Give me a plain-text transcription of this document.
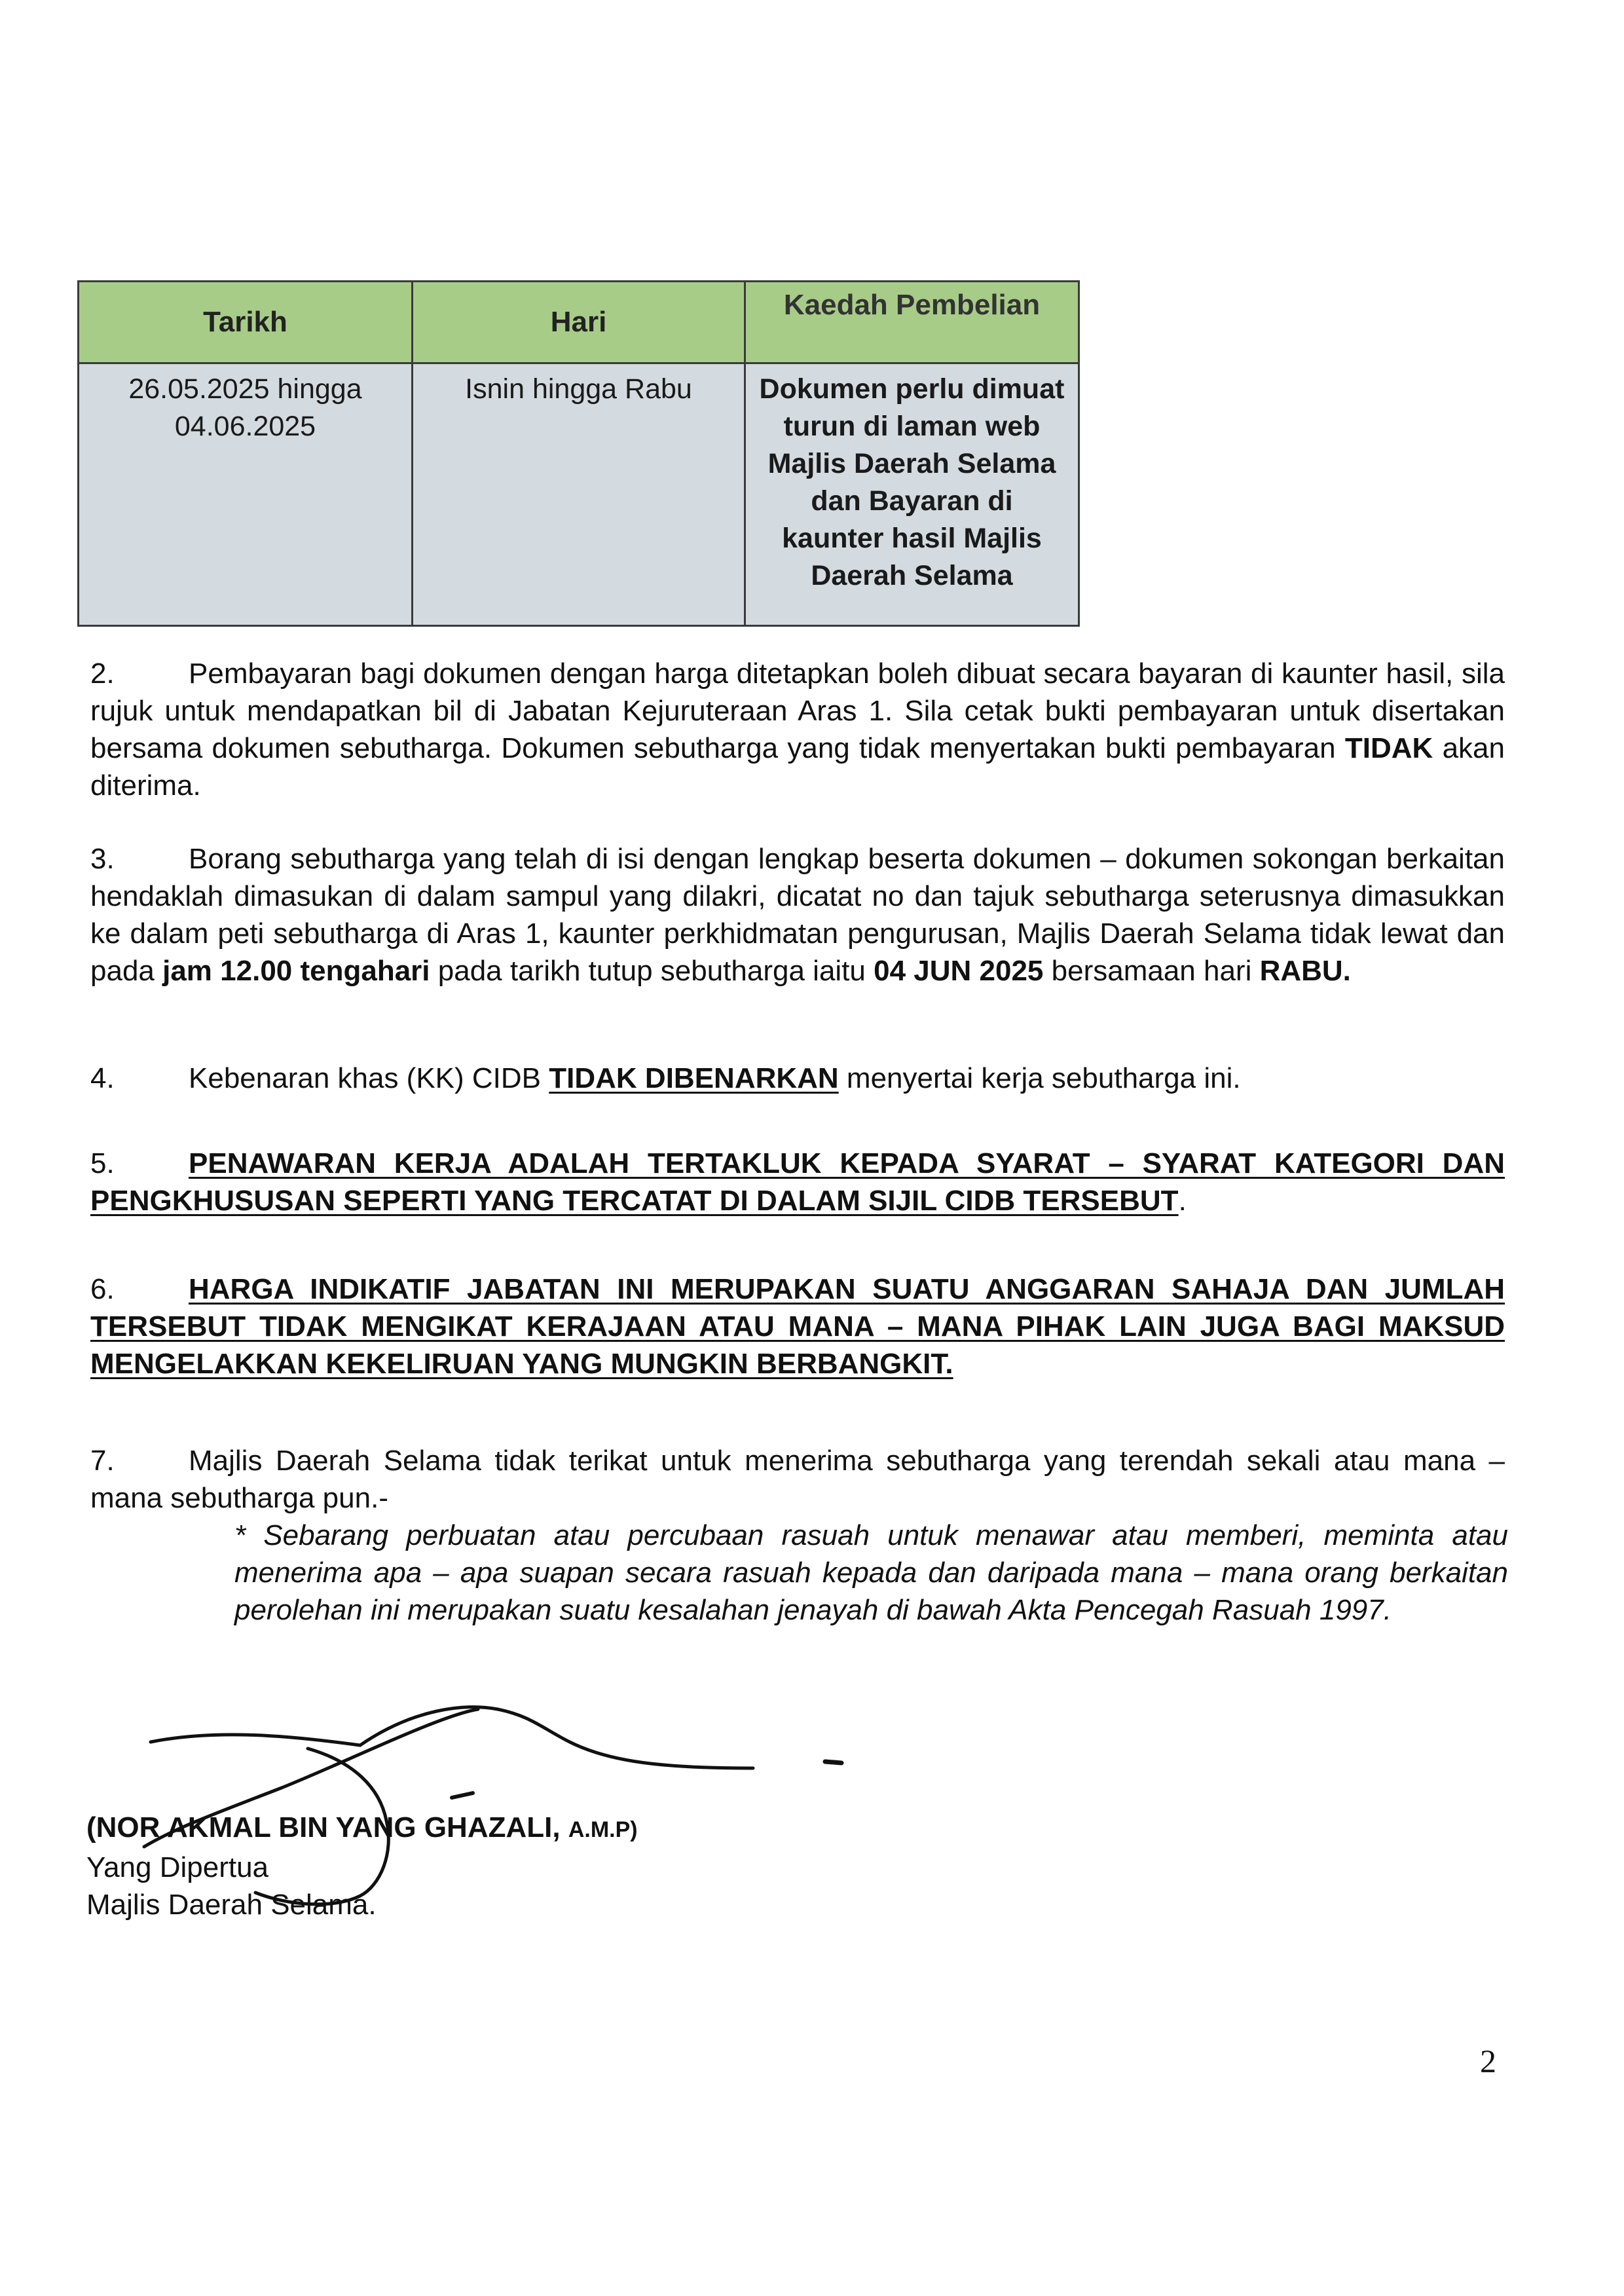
Tarikh	Hari	Kaedah Pembelian
26.05.2025 hingga 04.06.2025	Isnin hingga Rabu	Dokumen perlu dimuat turun di laman web Majlis Daerah Selama dan Bayaran di kaunter hasil Majlis Daerah Selama
2.	Pembayaran bagi dokumen dengan harga ditetapkan boleh dibuat secara bayaran di kaunter hasil, sila rujuk untuk mendapatkan bil di Jabatan Kejuruteraan Aras 1. Sila cetak bukti pembayaran untuk disertakan bersama dokumen sebutharga. Dokumen sebutharga yang tidak menyertakan bukti pembayaran TIDAK akan diterima.
3.	Borang sebutharga yang telah di isi dengan lengkap beserta dokumen – dokumen sokongan berkaitan hendaklah dimasukan di dalam sampul yang dilakri, dicatat no dan tajuk sebutharga seterusnya dimasukkan ke dalam peti sebutharga di Aras 1, kaunter perkhidmatan pengurusan, Majlis Daerah Selama tidak lewat dan pada jam 12.00 tengahari pada tarikh tutup sebutharga iaitu 04 JUN 2025 bersamaan hari RABU.
4.	Kebenaran khas (KK) CIDB TIDAK DIBENARKAN menyertai kerja sebutharga ini.
5.	PENAWARAN KERJA ADALAH TERTAKLUK KEPADA SYARAT – SYARAT KATEGORI DAN PENGKHUSUSAN SEPERTI YANG TERCATAT DI DALAM SIJIL CIDB TERSEBUT.
6.	HARGA INDIKATIF JABATAN INI MERUPAKAN SUATU ANGGARAN SAHAJA DAN JUMLAH TERSEBUT TIDAK MENGIKAT KERAJAAN ATAU MANA – MANA PIHAK LAIN JUGA BAGI MAKSUD MENGELAKKAN KEKELIRUAN YANG MUNGKIN BERBANGKIT.
7.	Majlis Daerah Selama tidak terikat untuk menerima sebutharga yang terendah sekali atau mana – mana sebutharga pun.-
* Sebarang perbuatan atau percubaan rasuah untuk menawar atau memberi, meminta atau menerima apa – apa suapan secara rasuah kepada dan daripada mana – mana orang berkaitan perolehan ini merupakan suatu kesalahan jenayah di bawah Akta Pencegah Rasuah 1997.
(NOR AKMAL BIN YANG GHAZALI, A.M.P)
Yang Dipertua
Majlis Daerah Selama.
2
